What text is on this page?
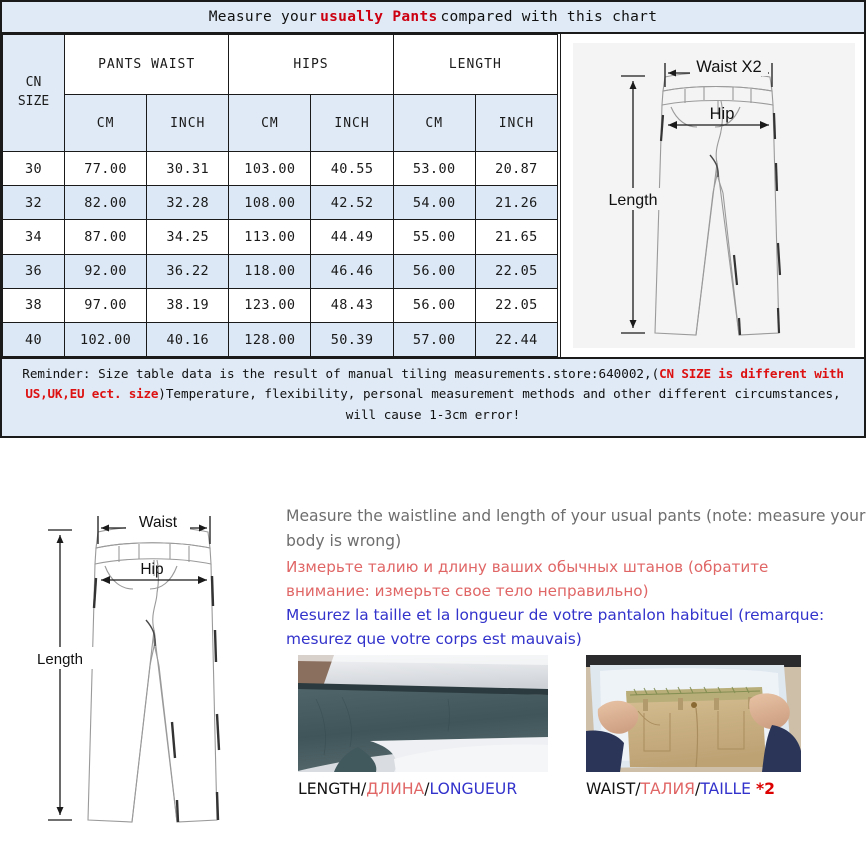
Measure your usually Pants compared with this chart
CN
SIZE	PANTS WAIST		HIPS		LENGTH	
	CM	INCH	CM	INCH	CM	INCH
30	77.00	30.31	103.00	40.55	53.00	20.87
32	82.00	32.28	108.00	42.52	54.00	21.26
34	87.00	34.25	113.00	44.49	55.00	21.65
36	92.00	36.22	118.00	46.46	56.00	22.05
38	97.00	38.19	123.00	48.43	56.00	22.05
40	102.00	40.16	128.00	50.39	57.00	22.44
Waist X2
Hip
Length
Reminder: Size table data is the result of manual tiling measurements.store:640002,(CN SIZE is different with US,UK,EU ect. size)Temperature, flexibility, personal measurement methods and other different circumstances,
will cause 1-3cm error!
Waist
Hip
Length

Measure the waistline and length of your usual pants (note: measure your

body is wrong)

Измерьте талию и длину ваших обычных штанов (обратите

внимание: измерьте свое тело неправильно)

Mesurez la taille et la longueur de votre pantalon habituel (remarque:

mesurez que votre corps est mauvais)

LENGTH/ДЛИНА/LONGUEUR	WAIST/ТАЛИЯ/TAILLE *2
